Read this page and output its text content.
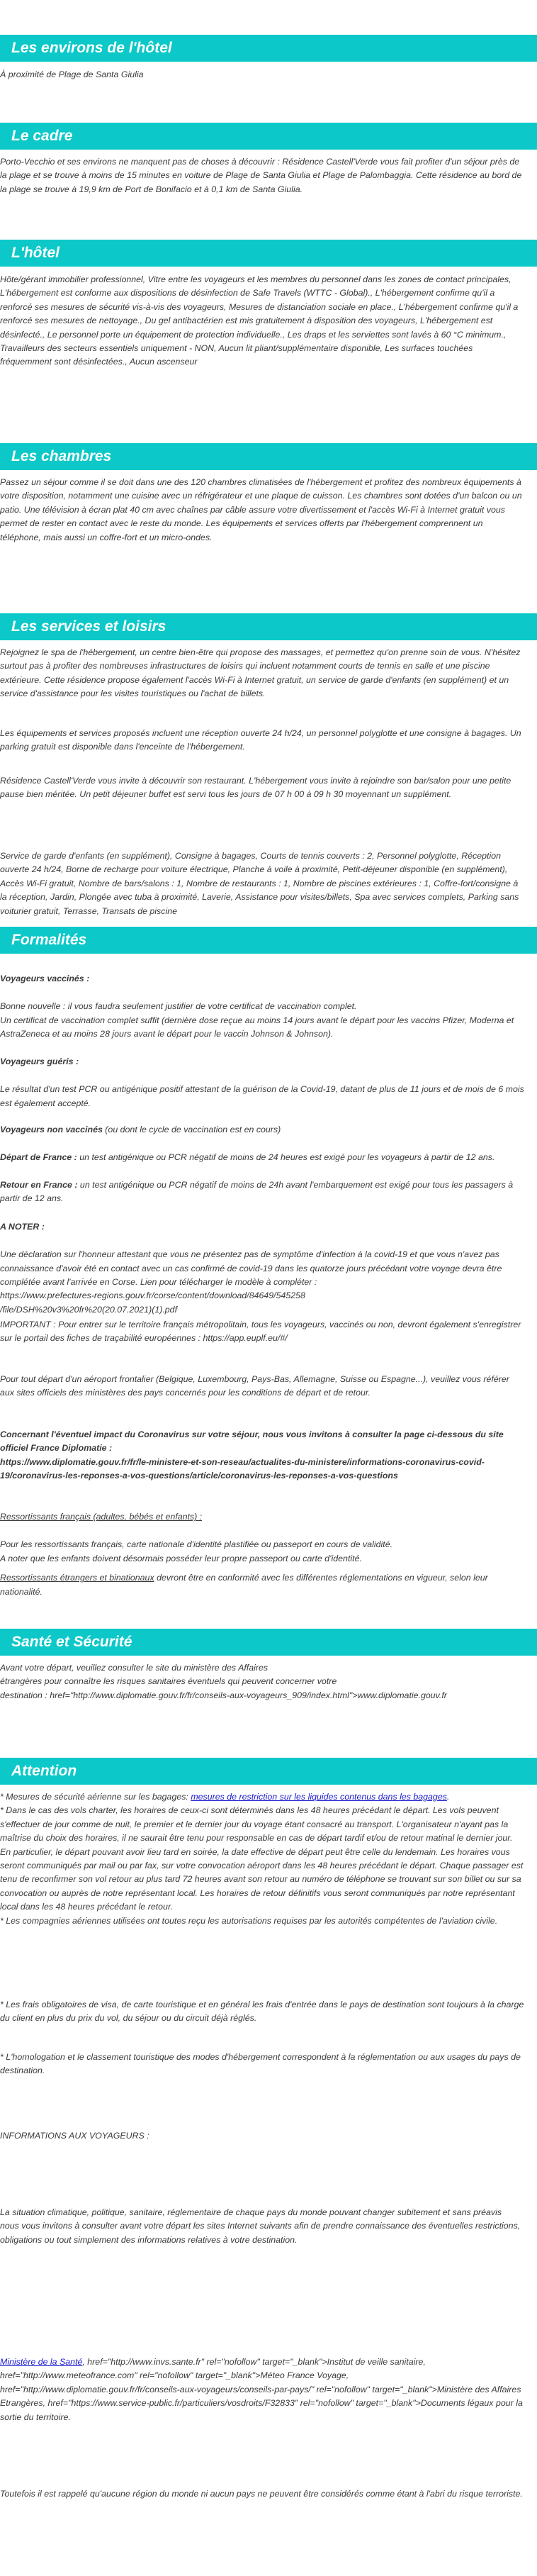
Les environs de l'hôtel

À proximité de Plage de Santa Giulia

Le cadre

Porto-Vecchio et ses environs ne manquent pas de choses à découvrir : Résidence Castell'Verde vous fait profiter d'un séjour près de la plage et se trouve à moins de 15 minutes en voiture de Plage de Santa Giulia et Plage de Palombaggia. Cette résidence au bord de la plage se trouve à 19,9 km de Port de Bonifacio et à 0,1 km de Santa Giulia.

L'hôtel

Hôte/gérant immobilier professionnel, Vitre entre les voyageurs et les membres du personnel dans les zones de contact principales, L'hébergement est conforme aux dispositions de désinfection de Safe Travels (WTTC - Global)., L'hébergement confirme qu'il a renforcé ses mesures de sécurité vis-à-vis des voyageurs, Mesures de distanciation sociale en place., L'hébergement confirme qu'il a renforcé ses mesures de nettoyage., Du gel antibactérien est mis gratuitement à disposition des voyageurs, L'hébergement est désinfecté., Le personnel porte un équipement de protection individuelle., Les draps et les serviettes sont lavés à 60 °C minimum., Travailleurs des secteurs essentiels uniquement - NON, Aucun lit pliant/supplémentaire disponible, Les surfaces touchées fréquemment sont désinfectées., Aucun ascenseur

Les chambres

Passez un séjour comme il se doit dans une des 120 chambres climatisées de l'hébergement et profitez des nombreux équipements à votre disposition, notamment une cuisine avec un réfrigérateur et une plaque de cuisson. Les chambres sont dotées d'un balcon ou un patio. Une télévision à écran plat 40 cm avec chaînes par câble assure votre divertissement et l'accès Wi-Fi à Internet gratuit vous permet de rester en contact avec le reste du monde. Les équipements et services offerts par l'hébergement comprennent un téléphone, mais aussi un coffre-fort et un micro-ondes.

Les services et loisirs

Rejoignez le spa de l'hébergement, un centre bien-être qui propose des massages, et permettez qu'on prenne soin de vous. N'hésitez surtout pas à profiter des nombreuses infrastructures de loisirs qui incluent notamment courts de tennis en salle et une piscine extérieure. Cette résidence propose également l'accès Wi-Fi à Internet gratuit, un service de garde d'enfants (en supplément) et un service d'assistance pour les visites touristiques ou l'achat de billets.

Les équipements et services proposés incluent une réception ouverte 24 h/24, un personnel polyglotte et une consigne à bagages. Un parking gratuit est disponible dans l'enceinte de l'hébergement.

Résidence Castell'Verde vous invite à découvrir son restaurant. L'hébergement vous invite à rejoindre son bar/salon pour une petite pause bien méritée. Un petit déjeuner buffet est servi tous les jours de 07 h 00 à 09 h 30 moyennant un supplément.

Service de garde d'enfants (en supplément), Consigne à bagages, Courts de tennis couverts : 2, Personnel polyglotte, Réception ouverte 24 h/24, Borne de recharge pour voiture électrique, Planche à voile à proximité, Petit-déjeuner disponible (en supplément), Accès Wi-Fi gratuit, Nombre de bars/salons : 1, Nombre de restaurants : 1, Nombre de piscines extérieures : 1, Coffre-fort/consigne à la réception, Jardin, Plongée avec tuba à proximité, Laverie, Assistance pour visites/billets, Spa avec services complets, Parking sans voiturier gratuit, Terrasse, Transats de piscine

Formalités

Voyageurs vaccinés :

Bonne nouvelle : il vous faudra seulement justifier de votre certificat de vaccination complet.
Un certificat de vaccination complet suffit (dernière dose reçue au moins 14 jours avant le départ pour les vaccins Pfizer, Moderna et AstraZeneca et au moins 28 jours avant le départ pour le vaccin Johnson & Johnson).

Voyageurs guéris :

Le résultat d'un test PCR ou antigénique positif attestant de la guérison de la Covid-19, datant de plus de 11 jours et de mois de 6 mois est également accepté.

Voyageurs non vaccinés (ou dont le cycle de vaccination est en cours)

Départ de France : un test antigénique ou PCR négatif de moins de 24 heures est exigé pour les voyageurs à partir de 12 ans.

Retour en France : un test antigénique ou PCR négatif de moins de 24h avant l'embarquement est exigé pour tous les passagers à partir de 12 ans.

A NOTER :

Une déclaration sur l'honneur attestant que vous ne présentez pas de symptôme d'infection à la covid-19 et que vous n'avez pas connaissance d'avoir été en contact avec un cas confirmé de covid-19 dans les quatorze jours précédant votre voyage devra être complétée avant l'arrivée en Corse. Lien pour télécharger le modèle à compléter :
https://www.prefectures-regions.gouv.fr/corse/content/download/84649/545258
/file/DSH%20v3%20fr%20(20.07.2021)(1).pdf

IMPORTANT : Pour entrer sur le territoire français métropolitain, tous les voyageurs, vaccinés ou non, devront également s'enregistrer sur le portail des fiches de traçabilité européennes : https://app.euplf.eu/#/

Pour tout départ d'un aéroport frontalier (Belgique, Luxembourg, Pays-Bas, Allemagne, Suisse ou Espagne...), veuillez vous référer aux sites officiels des ministères des pays concernés pour les conditions de départ et de retour.

Concernant l'éventuel impact du Coronavirus sur votre séjour, nous vous invitons à consulter la page ci-dessous du site officiel France Diplomatie :
https://www.diplomatie.gouv.fr/fr/le-ministere-et-son-reseau/actualites-du-ministere/informations-coronavirus-covid-19/coronavirus-les-reponses-a-vos-questions/article/coronavirus-les-reponses-a-vos-questions

Ressortissants français (adultes, bébés et enfants) :

Pour les ressortissants français, carte nationale d'identité plastifiée ou passeport en cours de validité.
A noter que les enfants doivent désormais posséder leur propre passeport ou carte d'identité.

Ressortissants étrangers et binationaux devront être en conformité avec les différentes réglementations en vigueur, selon leur nationalité.

Santé et Sécurité

Avant votre départ, veuillez consulter le site du ministère des Affaires
étrangères pour connaître les risques sanitaires éventuels qui peuvent concerner votre
destination : href="http://www.diplomatie.gouv.fr/fr/conseils-aux-voyageurs_909/index.html">www.diplomatie.gouv.fr

Attention

* Mesures de sécurité aérienne sur les bagages: mesures de restriction sur les liquides contenus dans les bagages.
* Dans le cas des vols charter, les horaires de ceux-ci sont déterminés dans les 48 heures précédant le départ. Les vols peuvent s'effectuer de jour comme de nuit, le premier et le dernier jour du voyage étant consacré au transport. L'organisateur n'ayant pas la maîtrise du choix des horaires, il ne saurait être tenu pour responsable en cas de départ tardif et/ou de retour matinal le dernier jour. En particulier, le départ pouvant avoir lieu tard en soirée, la date effective de départ peut être celle du lendemain. Les horaires vous seront communiqués par mail ou par fax, sur votre convocation aéroport dans les 48 heures précédant le départ. Chaque passager est tenu de reconfirmer son vol retour au plus tard 72 heures avant son retour au numéro de téléphone se trouvant sur son billet ou sur sa convocation ou auprès de notre représentant local. Les horaires de retour définitifs vous seront communiqués par notre représentant local dans les 48 heures précédant le retour.
* Les compagnies aériennes utilisées ont toutes reçu les autorisations requises par les autorités compétentes de l'aviation civile.

* Les frais obligatoires de visa, de carte touristique et en général les frais d'entrée dans le pays de destination sont toujours à la charge du client en plus du prix du vol, du séjour ou du circuit déjà réglés.

* L'homologation et le classement touristique des modes d'hébergement correspondent à la réglementation ou aux usages du pays de destination.

INFORMATIONS AUX VOYAGEURS :

La situation climatique, politique, sanitaire, réglementaire de chaque pays du monde pouvant changer subitement et sans préavis
nous vous invitons à consulter avant votre départ les sites Internet suivants afin de prendre connaissance des éventuelles restrictions, obligations ou tout simplement des informations relatives à votre destination.

Ministère de la Santé, href="http://www.invs.sante.fr" rel="nofollow" target="_blank">Institut de veille sanitaire, href="http://www.meteofrance.com" rel="nofollow" target="_blank">Méteo France Voyage, href="http://www.diplomatie.gouv.fr/fr/conseils-aux-voyageurs/conseils-par-pays/" rel="nofollow" target="_blank">Ministère des Affaires Etrangères, href="https://www.service-public.fr/particuliers/vosdroits/F32833" rel="nofollow" target="_blank">Documents légaux pour la sortie du territoire.

Toutefois il est rappelé qu'aucune région du monde ni aucun pays ne peuvent être considérés comme étant à l'abri du risque terroriste.
